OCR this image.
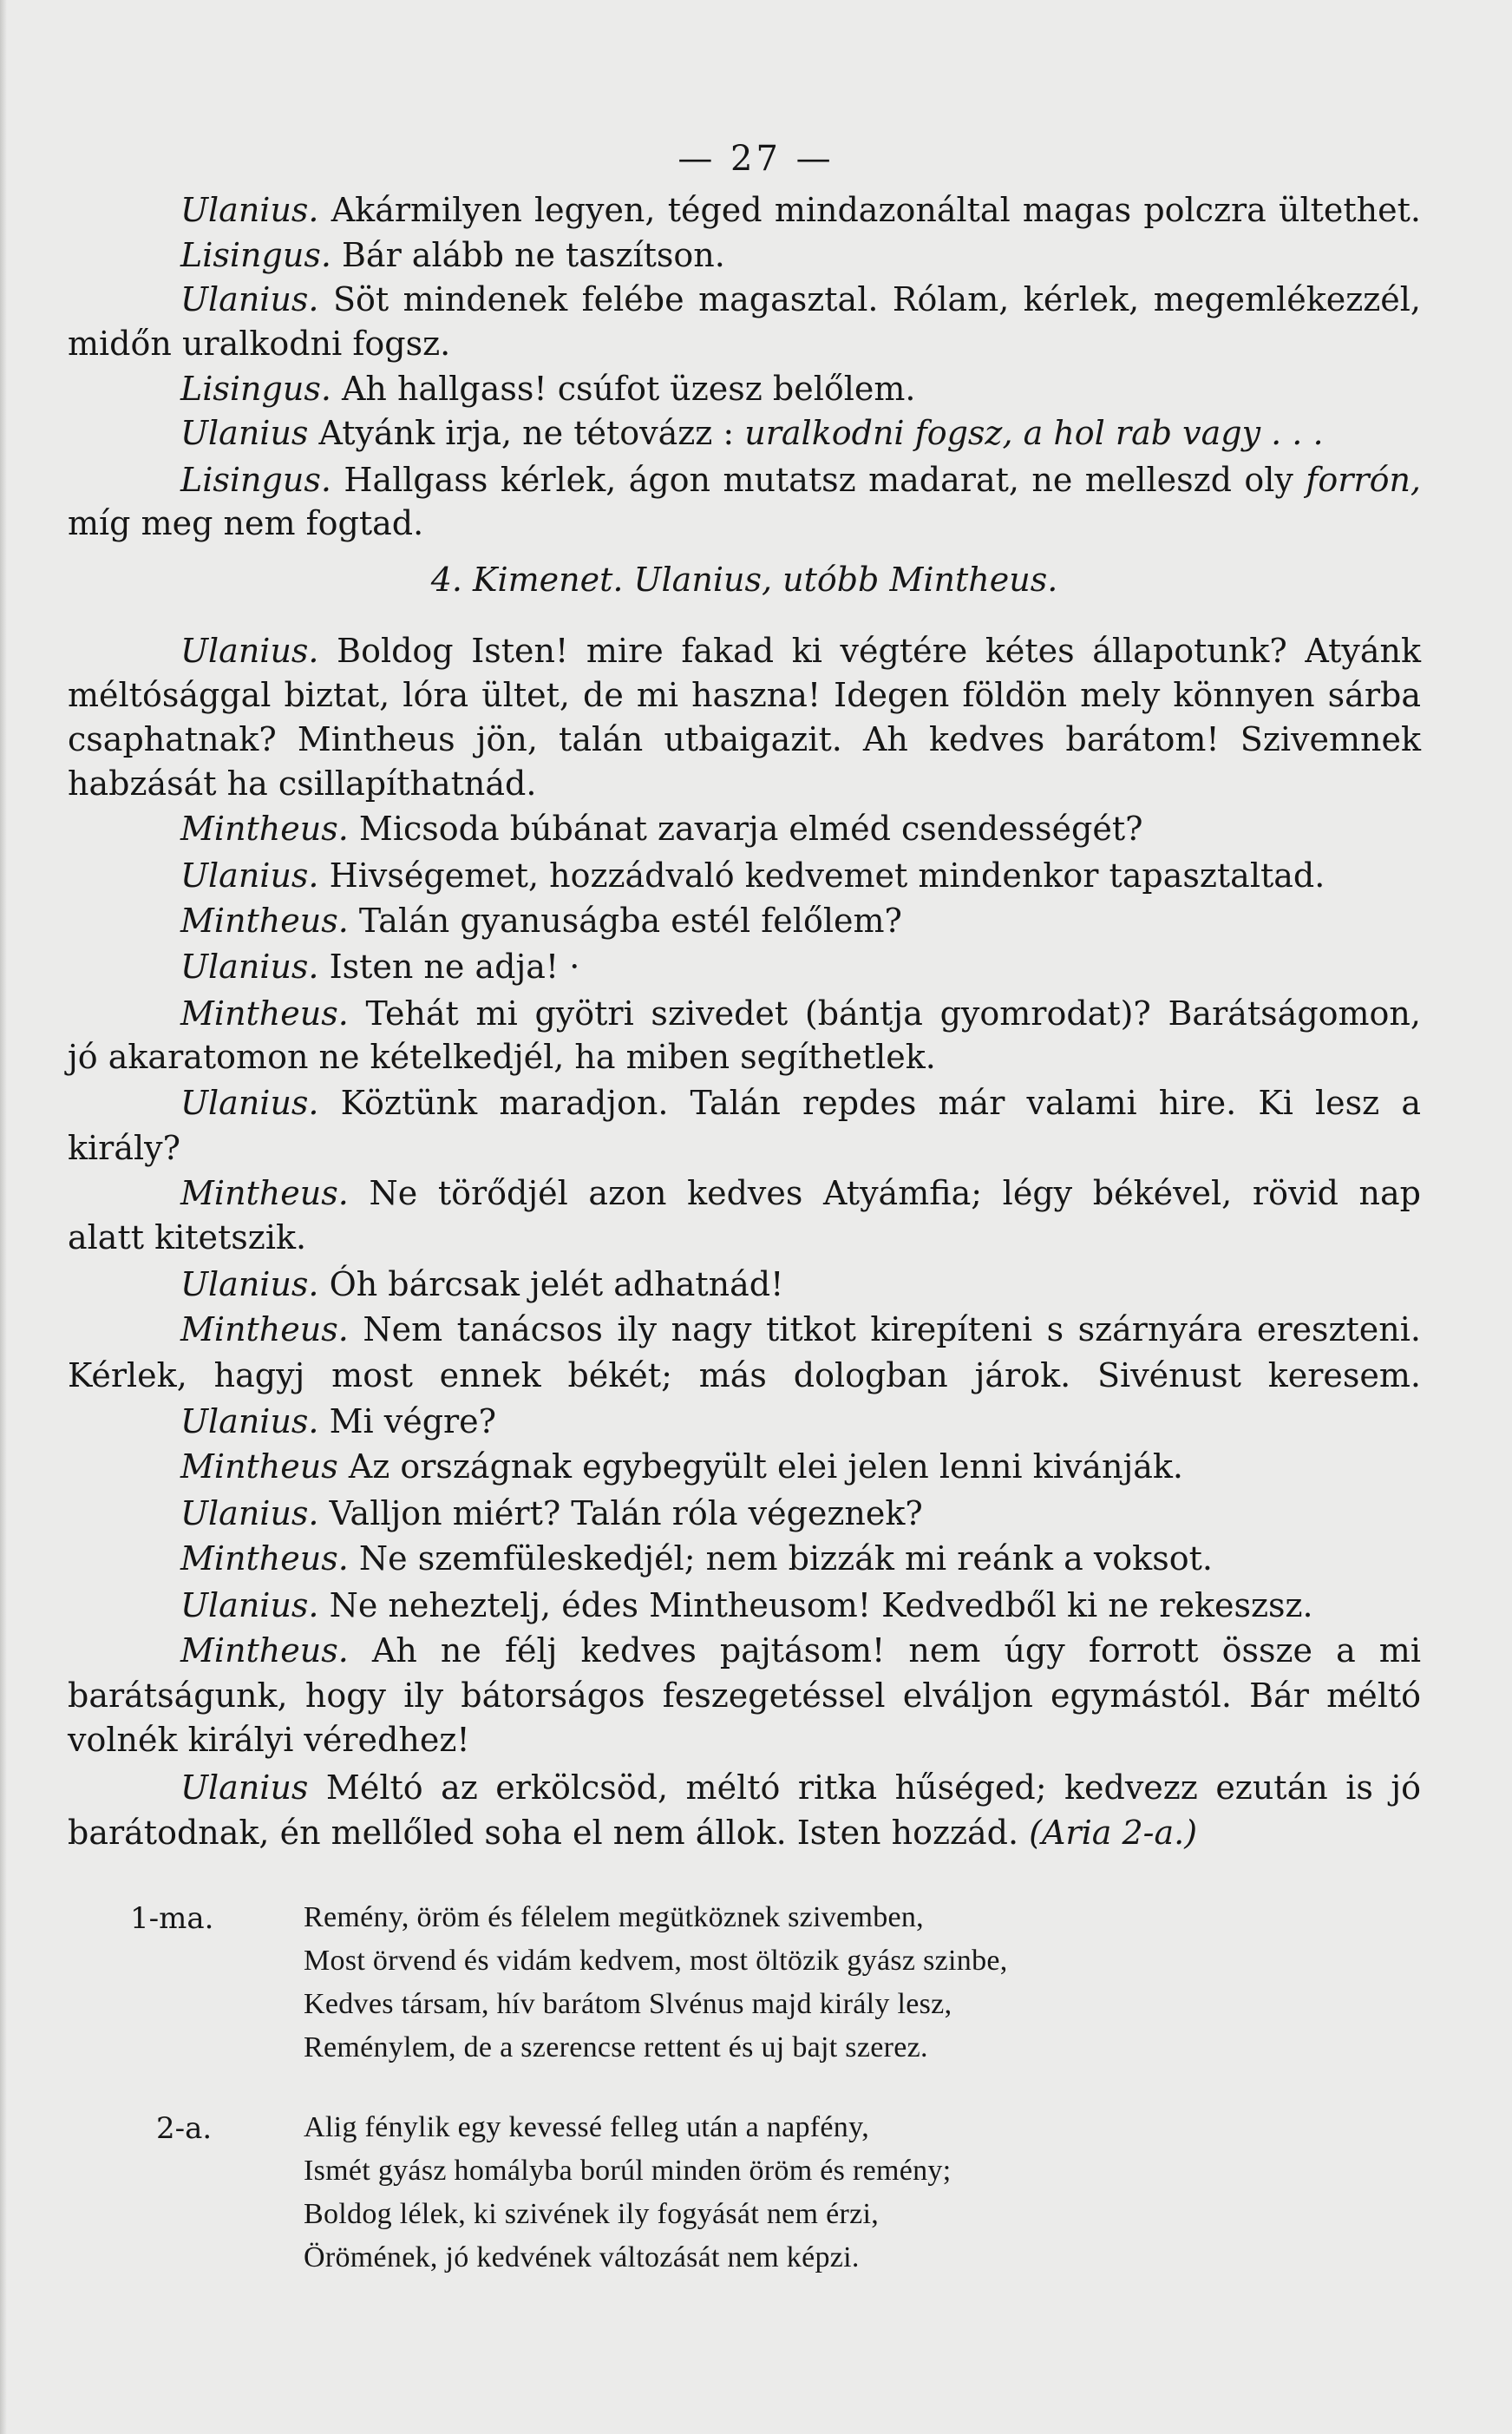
— 27 —
Ulanius. Akármilyen legyen, téged mindazonáltal magas polczra ültethet.
Lisingus. Bár alább ne taszítson.
Ulanius. Söt mindenek felébe magasztal. Rólam, kérlek, megemlékezzél,
midőn uralkodni fogsz.
Lisingus. Ah hallgass! csúfot üzesz belőlem.
Ulanius Atyánk irja, ne tétovázz : uralkodni fogsz, a hol rab vagy . . .
Lisingus. Hallgass kérlek, ágon mutatsz madarat, ne melleszd oly forrón,
míg meg nem fogtad.
Ulanius. Boldog Isten! mire fakad ki végtére kétes állapotunk? Atyánk
méltósággal biztat, lóra ültet, de mi haszna! Idegen földön mely könnyen sárba
csaphatnak? Mintheus jön, talán utbaigazit. Ah kedves barátom! Szivemnek
habzását ha csillapíthatnád.
Mintheus. Micsoda búbánat zavarja elméd csendességét?
Ulanius. Hivségemet, hozzádvaló kedvemet mindenkor tapasztaltad.
Mintheus. Talán gyanuságba estél felőlem?
Ulanius. Isten ne adja! ·
Mintheus. Tehát mi gyötri szivedet (bántja gyomrodat)? Barátságomon,
jó akaratomon ne kételkedjél, ha miben segíthetlek.
Ulanius. Köztünk maradjon. Talán repdes már valami hire. Ki lesz a
király?
Mintheus. Ne törődjél azon kedves Atyámfia; légy békével, rövid nap
alatt kitetszik.
Ulanius. Óh bárcsak jelét adhatnád!
Mintheus. Nem tanácsos ily nagy titkot kirepíteni s szárnyára ereszteni.
Kérlek, hagyj most ennek békét; más dologban járok. Sivénust keresem.
Ulanius. Mi végre?
Mintheus Az országnak egybegyült elei jelen lenni kivánják.
Ulanius. Valljon miért? Talán róla végeznek?
Mintheus. Ne szemfüleskedjél; nem bizzák mi reánk a voksot.
Ulanius. Ne neheztelj, édes Mintheusom! Kedvedből ki ne rekeszsz.
Mintheus. Ah ne félj kedves pajtásom! nem úgy forrott össze a mi
barátságunk, hogy ily bátorságos feszegetéssel elváljon egymástól. Bár méltó
volnék királyi véredhez!
Ulanius Méltó az erkölcsöd, méltó ritka hűséged; kedvezz ezután is jó
barátodnak, én mellőled soha el nem állok. Isten hozzád. (Aria 2-a.)
4. Kimenet. Ulanius, utóbb Mintheus.
1-ma.	Remény, öröm és félelem megütköznek szivemben,
Most örvend és vidám kedvem, most öltözik gyász szinbe,
Kedves társam, hív barátom Slvénus majd király lesz,
Reménylem, de a szerencse rettent és uj bajt szerez.
2-a.	Alig fénylik egy kevessé felleg után a napfény,
Ismét gyász homályba borúl minden öröm és remény;
Boldog lélek, ki szivének ily fogyását nem érzi,
Örömének, jó kedvének változását nem képzi.
